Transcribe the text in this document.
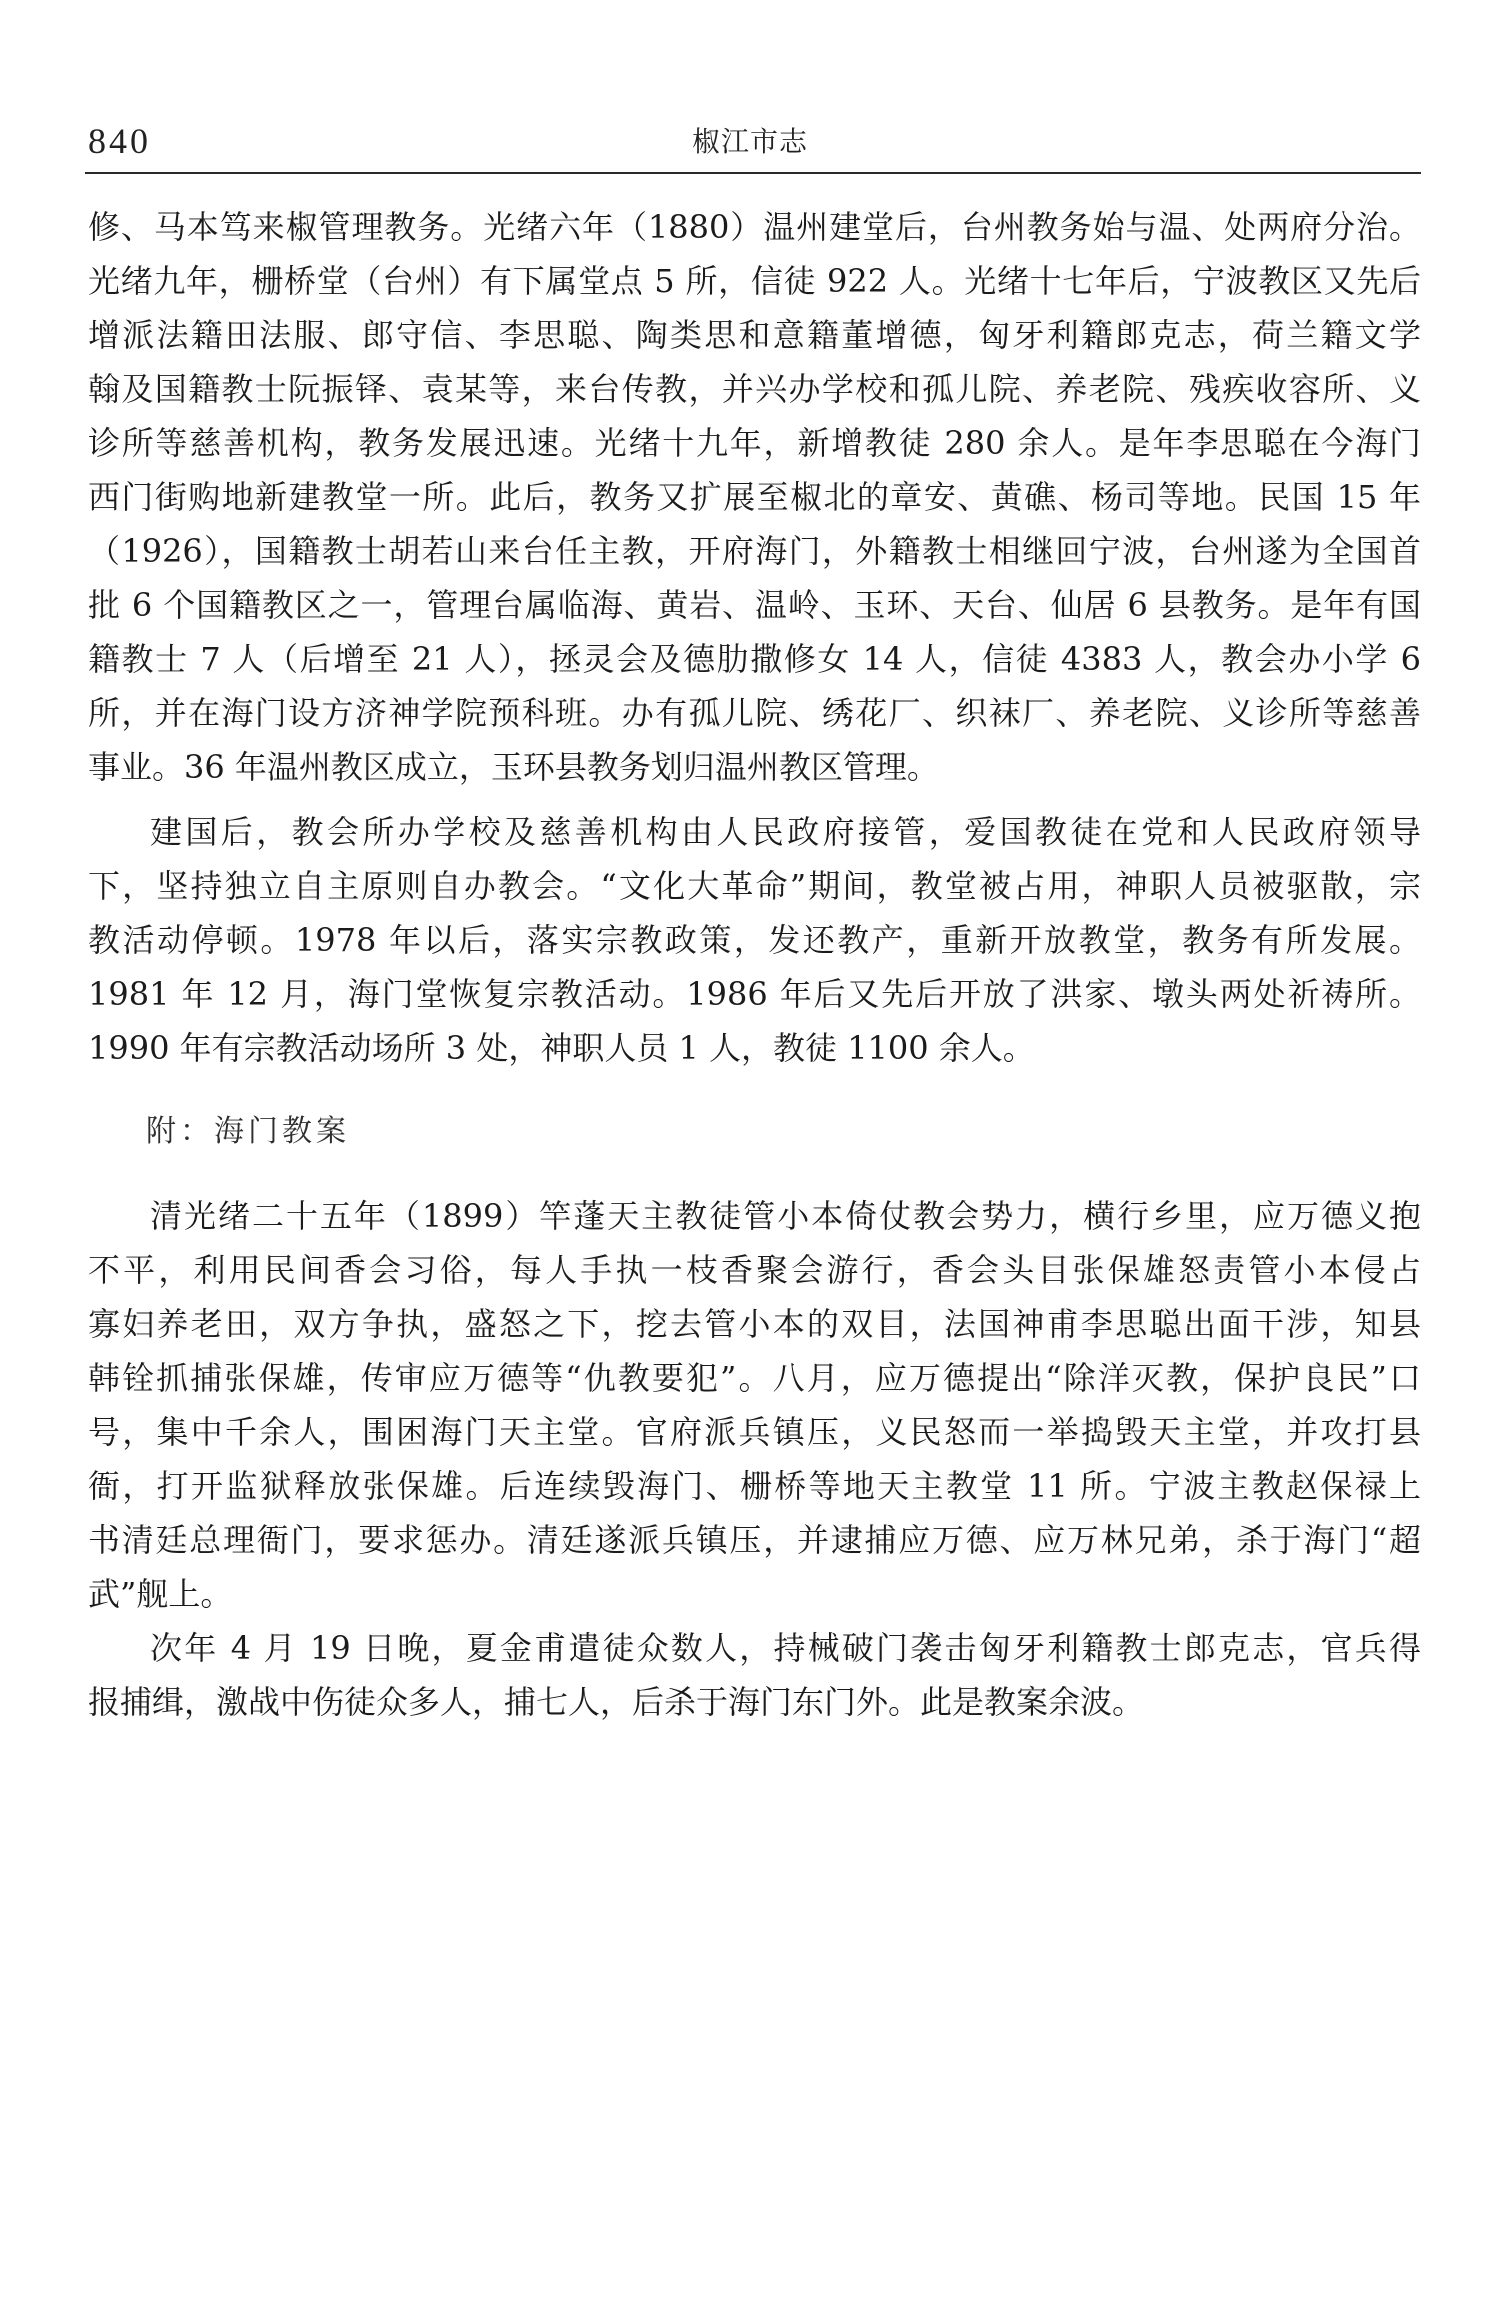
840	椒江市志
修、马本笃来椒管理教务。光绪六年（1880）温州建堂后，台州教务始与温、处两府分治。
光绪九年，栅桥堂（台州）有下属堂点 5 所，信徒 922 人。光绪十七年后，宁波教区又先后
增派法籍田法服、郎守信、李思聪、陶类思和意籍董增德，匈牙利籍郎克志，荷兰籍文学
翰及国籍教士阮振铎、袁某等，来台传教，并兴办学校和孤儿院、养老院、残疾收容所、义
诊所等慈善机构，教务发展迅速。光绪十九年，新增教徒 280 余人。是年李思聪在今海门
西门街购地新建教堂一所。此后，教务又扩展至椒北的章安、黄礁、杨司等地。民国 15 年
（1926），国籍教士胡若山来台任主教，开府海门，外籍教士相继回宁波，台州遂为全国首
批 6 个国籍教区之一，管理台属临海、黄岩、温岭、玉环、天台、仙居 6 县教务。是年有国
籍教士 7 人（后增至 21 人），拯灵会及德肋撒修女 14 人，信徒 4383 人，教会办小学 6
所，并在海门设方济神学院预科班。办有孤儿院、绣花厂、织袜厂、养老院、义诊所等慈善
事业。36 年温州教区成立，玉环县教务划归温州教区管理。
建国后，教会所办学校及慈善机构由人民政府接管，爱国教徒在党和人民政府领导
下，坚持独立自主原则自办教会。“文化大革命”期间，教堂被占用，神职人员被驱散，宗
教活动停顿。1978 年以后，落实宗教政策，发还教产，重新开放教堂，教务有所发展。
1981 年 12 月，海门堂恢复宗教活动。1986 年后又先后开放了洪家、墩头两处祈祷所。
1990 年有宗教活动场所 3 处，神职人员 1 人，教徒 1100 余人。
附：海门教案
清光绪二十五年（1899）竿蓬天主教徒管小本倚仗教会势力，横行乡里，应万德义抱
不平，利用民间香会习俗，每人手执一枝香聚会游行，香会头目张保雄怒责管小本侵占
寡妇养老田，双方争执，盛怒之下，挖去管小本的双目，法国神甫李思聪出面干涉，知县
韩铨抓捕张保雄，传审应万德等“仇教要犯”。八月，应万德提出“除洋灭教，保护良民”口
号，集中千余人，围困海门天主堂。官府派兵镇压，义民怒而一举捣毁天主堂，并攻打县
衙，打开监狱释放张保雄。后连续毁海门、栅桥等地天主教堂 11 所。宁波主教赵保禄上
书清廷总理衙门，要求惩办。清廷遂派兵镇压，并逮捕应万德、应万林兄弟，杀于海门“超
武”舰上。
次年 4 月 19 日晚，夏金甫遣徒众数人，持械破门袭击匈牙利籍教士郎克志，官兵得
报捕缉，激战中伤徒众多人，捕七人，后杀于海门东门外。此是教案余波。
